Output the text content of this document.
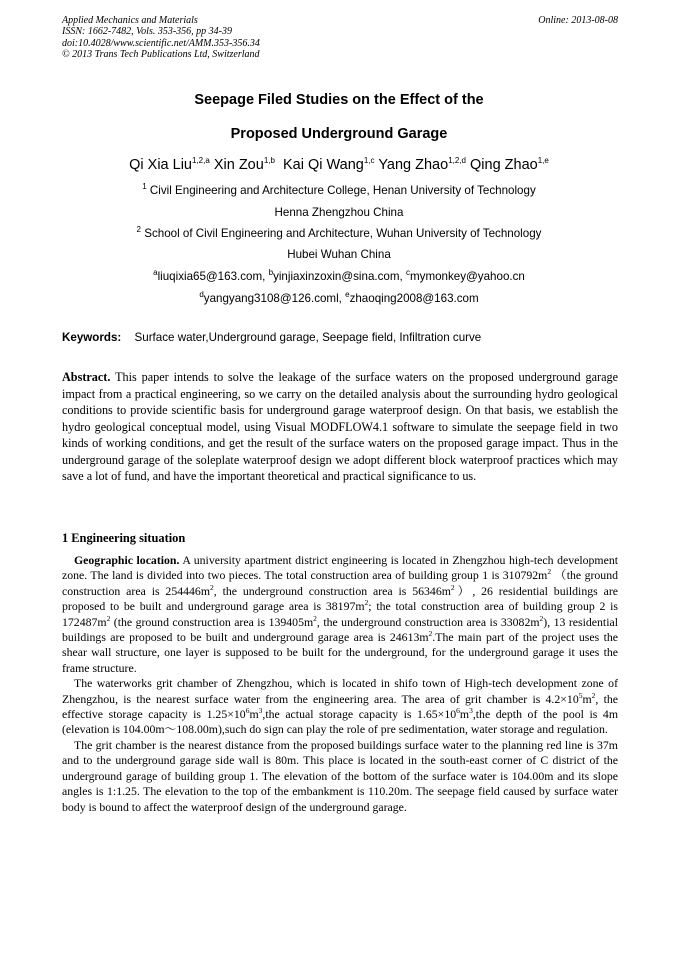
Applied Mechanics and Materials
ISSN: 1662-7482, Vols. 353-356, pp 34-39
doi:10.4028/www.scientific.net/AMM.353-356.34
© 2013 Trans Tech Publications Ltd, Switzerland
Online: 2013-08-08
Seepage Filed Studies on the Effect of the
Proposed Underground Garage
Qi Xia Liu$^{1,2,a}$ Xin Zou$^{1,b}$ Kai Qi Wang$^{1,c}$ Yang Zhao$^{1,2,d}$ Qing Zhao$^{1,e}$
$^1$ Civil Engineering and Architecture College, Henan University of Technology
Henna Zhengzhou China
$^2$ School of Civil Engineering and Architecture, Wuhan University of Technology
Hubei Wuhan China
$^a$liuqixia65@163.com, $^b$yinjiaxinzoxin@sina.com, $^c$mymonkey@yahoo.cn
$^d$yangyang3108@126.coml, $^e$zhaoqing2008@163.com
Keywords: Surface water,Underground garage, Seepage field, Infiltration curve
Abstract. This paper intends to solve the leakage of the surface waters on the proposed underground garage impact from a practical engineering, so we carry on the detailed analysis about the surrounding hydro geological conditions to provide scientific basis for underground garage waterproof design. On that basis, we establish the hydro geological conceptual model, using Visual MODFLOW4.1 software to simulate the seepage field in two kinds of working conditions, and get the result of the surface waters on the proposed garage impact. Thus in the underground garage of the soleplate waterproof design we adopt different block waterproof practices which may save a lot of fund, and have the important theoretical and practical significance to us.
1 Engineering situation

Geographic location. A university apartment district engineering is located in Zhengzhou high-tech development zone. The land is divided into two pieces. The total construction area of building group 1 is $310792m^2$ （the ground construction area is $254446m^2$, the underground construction area is $56346m^2$）, 26 residential buildings are proposed to be built and underground garage area is $38197m^2$; the total construction area of building group 2 is $172487m^2$ (the ground construction area is $139405m^2$, the underground construction area is $33082m^2$), 13 residential buildings are proposed to be built and underground garage area is $24613m^2.The$ main part of the project uses the shear wall structure, one layer is supposed to be built for the underground, for the underground garage it uses the frame structure.

The waterworks grit chamber of Zhengzhou, which is located in shifo town of High-tech development zone of Zhengzhou, is the nearest surface water from the engineering area. The area of grit chamber is $4.2\times 10^5m^2$, the effective storage capacity is $1.25\times 10^6m^3,the$ actual storage capacity is $1.65\times 10^6m^3,the$ depth of the pool is 4m (elevation is 104.00m～108.00m),such do sign can play the role of pre sedimentation, water storage and regulation.

The grit chamber is the nearest distance from the proposed buildings surface water to the planning red line is 37m and to the underground garage side wall is 80m. This place is located in the south-east corner of C district of the underground garage of building group 1. The elevation of the bottom of the surface water is 104.00m and its slope angles is 1:1.25. The elevation to the top of the embankment is 110.20m. The seepage field caused by surface water body is bound to affect the waterproof design of the underground garage.
